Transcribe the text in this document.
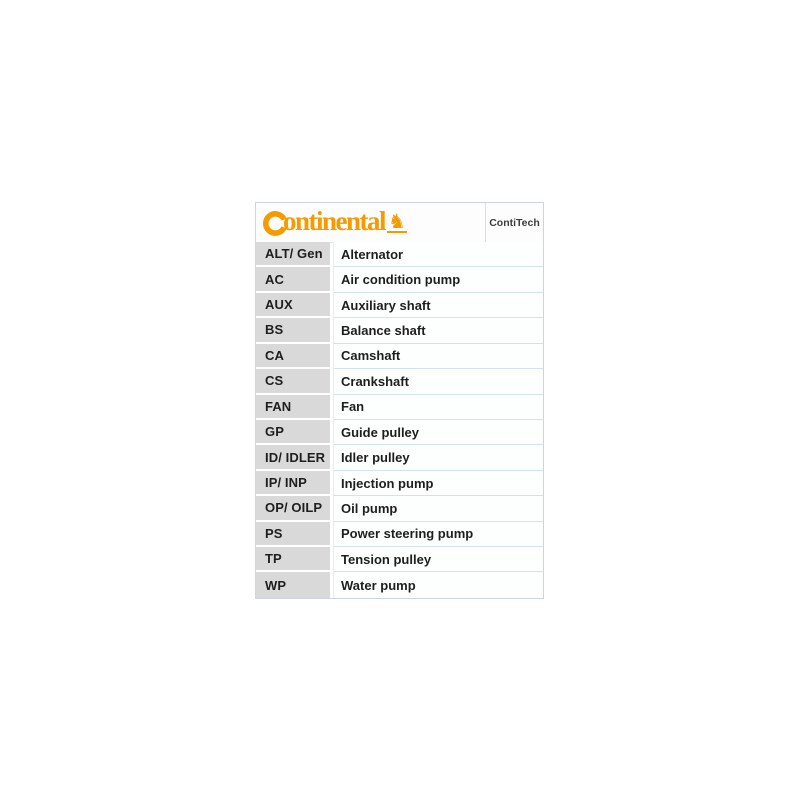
ontinental ♞	ContiTech
ALT/ Gen	Alternator
AC	Air condition pump
AUX	Auxiliary shaft
BS	Balance shaft
CA	Camshaft
CS	Crankshaft
FAN	Fan
GP	Guide pulley
ID/ IDLER	Idler pulley
IP/ INP	Injection pump
OP/ OILP	Oil pump
PS	Power steering pump
TP	Tension pulley
WP	Water pump
